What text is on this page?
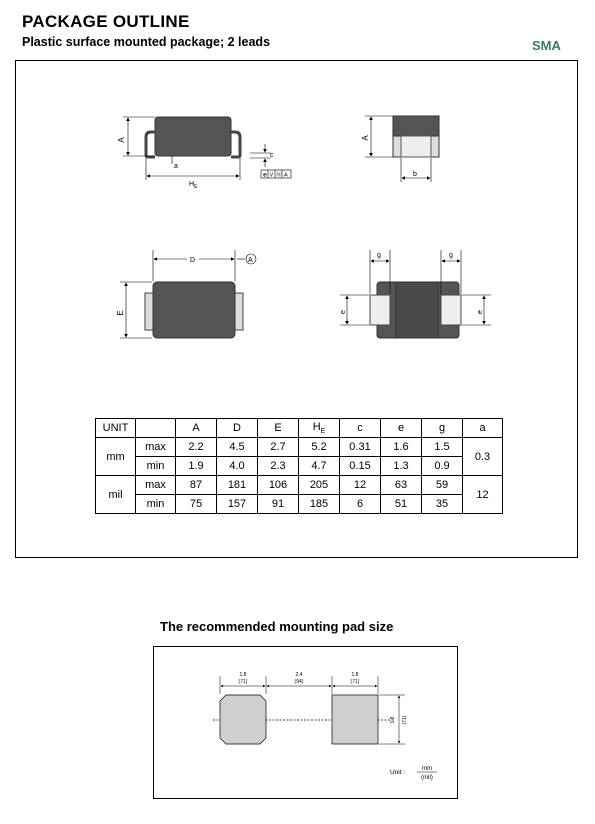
PACKAGE OUTLINE
Plastic surface mounted package; 2 leads	SMA
A
a
$H_E$
c
⊕ V Ⓜ A
A
b
D	A
E
g	g
e	e
UNIT		A	D	E	$H_E$	c	e	g	a
mm	max	2.2	4.5	2.7	5.2	0.31	1.6	1.5	0.3
	min	1.9	4.0	2.3	4.7	0.15	1.3	0.9	
mil	max	87	181	106	205	12	63	59	12
	min	75	157	91	185	6	51	35	
The recommended mounting pad size
1.8
(71)
2.4
(94)
1.8
(71)
1.8 (71)
Unit :	mm
(mil)
